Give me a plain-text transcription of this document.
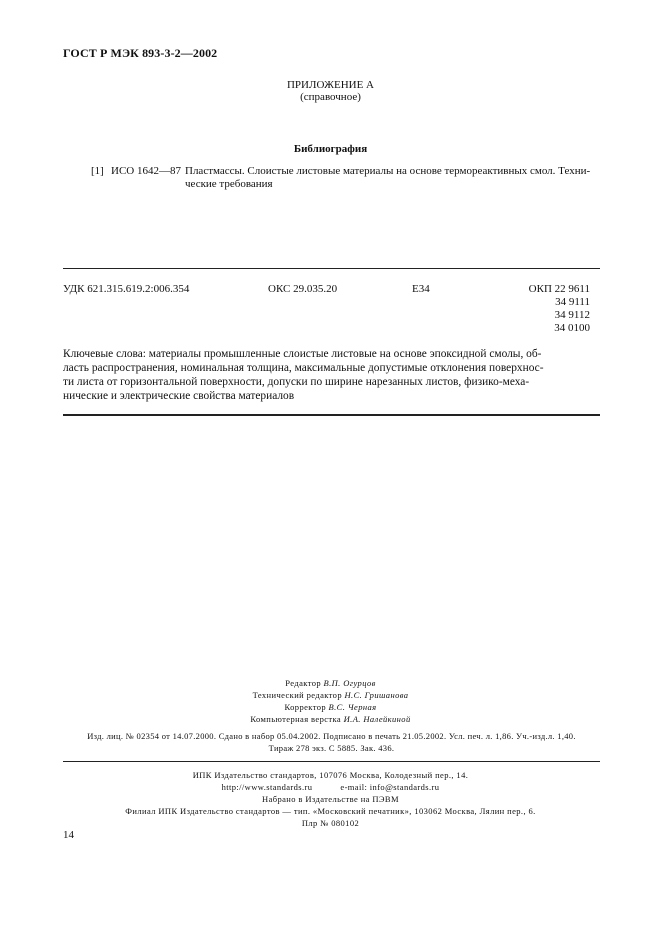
ГОСТ Р МЭК 893-3-2—2002
ПРИЛОЖЕНИЕ А
(справочное)
Библиография
[1] ИСО 1642—87 Пластмассы. Слоистые листовые материалы на основе термореактивных смол. Техни-
ческие требования
УДК 621.315.619.2:006.354	ОКС 29.035.20	Е34	ОКП 22 9611
34 9111
34 9112
34 0100
Ключевые слова: материалы промышленные слоистые листовые на основе эпоксидной смолы, об-
ласть распространения, номинальная толщина, максимальные допустимые отклонения поверхнос-
ти листа от горизонтальной поверхности, допуски по ширине нарезанных листов, физико-меха-
нические и электрические свойства материалов
Редактор В.П. Огурцов
Технический редактор Н.С. Гришанова
Корректор В.С. Черная
Компьютерная верстка И.А. Налейкиной
Изд. лиц. № 02354 от 14.07.2000. Сдано в набор 05.04.2002. Подписано в печать 21.05.2002. Усл. печ. л. 1,86. Уч.-изд.л. 1,40.
Тираж 278 экз. С 5885. Зак. 436.
ИПК Издательство стандартов, 107076 Москва, Колодезный пер., 14.
http://www.standards.ru	e-mail: info@standards.ru
Набрано в Издательстве на ПЭВМ
Филиал ИПК Издательство стандартов — тип. «Московский печатник», 103062 Москва, Лялин пер., 6.
Плр № 080102
14
